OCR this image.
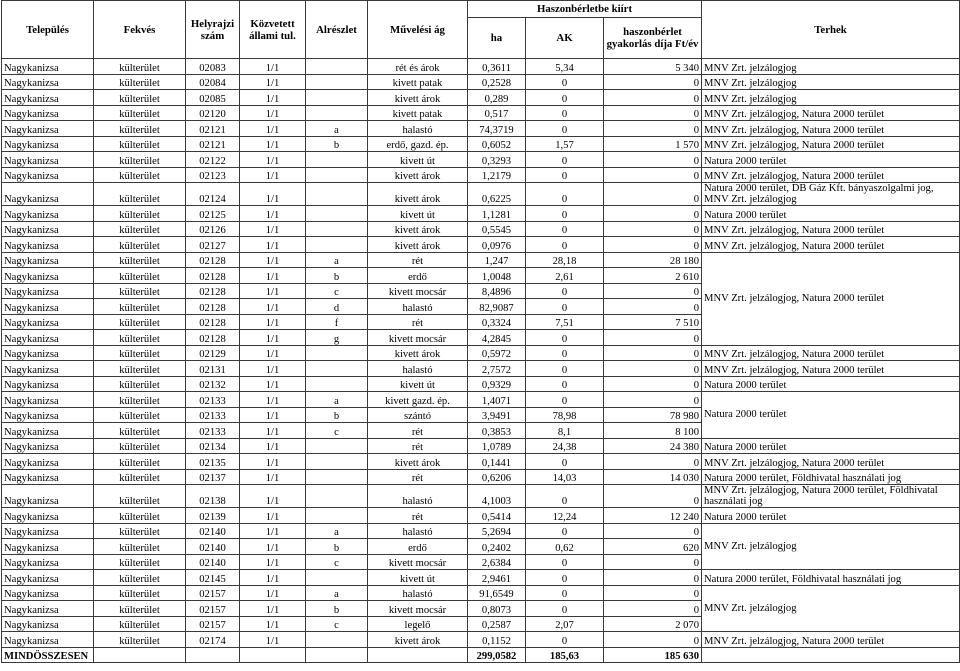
Település	Fekvés	Helyrajzi szám	Közvetett állami tul.	Alrészlet	Művelési ág	Haszonbérletbe kiírt			Terhek
						ha	AK	haszonbérlet gyakorlás díja Ft/év	
Nagykanizsa	külterület	02083	1/1		rét és árok	0,3611	5,34	5 340	MNV Zrt. jelzálogjog
Nagykanizsa	külterület	02084	1/1		kivett patak	0,2528	0	0	MNV Zrt. jelzálogjog
Nagykanizsa	külterület	02085	1/1		kivett árok	0,289	0	0	MNV Zrt. jelzálogjog
Nagykanizsa	külterület	02120	1/1		kivett patak	0,517	0	0	MNV Zrt. jelzálogjog, Natura 2000 terület
Nagykanizsa	külterület	02121	1/1	a	halastó	74,3719	0	0	MNV Zrt. jelzálogjog, Natura 2000 terület
Nagykanizsa	külterület	02121	1/1	b	erdő, gazd. ép.	0,6052	1,57	1 570	MNV Zrt. jelzálogjog, Natura 2000 terület
Nagykanizsa	külterület	02122	1/1		kivett út	0,3293	0	0	Natura 2000 terület
Nagykanizsa	külterület	02123	1/1		kivett árok	1,2179	0	0	MNV Zrt. jelzálogjog, Natura 2000 terület
Nagykanizsa	külterület	02124	1/1		kivett árok	0,6225	0	0	Natura 2000 terület, DB Gáz Kft. bányaszolgalmi jog, MNV Zrt. jelzálogjog
Nagykanizsa	külterület	02125	1/1		kivett út	1,1281	0	0	Natura 2000 terület
Nagykanizsa	külterület	02126	1/1		kivett árok	0,5545	0	0	MNV Zrt. jelzálogjog, Natura 2000 terület
Nagykanizsa	külterület	02127	1/1		kivett árok	0,0976	0	0	MNV Zrt. jelzálogjog, Natura 2000 terület
Nagykanizsa	külterület	02128	1/1	a	rét	1,247	28,18	28 180	MNV Zrt. jelzálogjog, Natura 2000 terület
Nagykanizsa	külterület	02128	1/1	b	erdő	1,0048	2,61	2 610	
Nagykanizsa	külterület	02128	1/1	c	kivett mocsár	8,4896	0	0	
Nagykanizsa	külterület	02128	1/1	d	halastó	82,9087	0	0	
Nagykanizsa	külterület	02128	1/1	f	rét	0,3324	7,51	7 510	
Nagykanizsa	külterület	02128	1/1	g	kivett mocsár	4,2845	0	0	
Nagykanizsa	külterület	02129	1/1		kivett árok	0,5972	0	0	MNV Zrt. jelzálogjog, Natura 2000 terület
Nagykanizsa	külterület	02131	1/1		halastó	2,7572	0	0	MNV Zrt. jelzálogjog, Natura 2000 terület
Nagykanizsa	külterület	02132	1/1		kivett út	0,9329	0	0	Natura 2000 terület
Nagykanizsa	külterület	02133	1/1	a	kivett gazd. ép.	1,4071	0	0	Natura 2000 terület
Nagykanizsa	külterület	02133	1/1	b	szántó	3,9491	78,98	78 980	
Nagykanizsa	külterület	02133	1/1	c	rét	0,3853	8,1	8 100	
Nagykanizsa	külterület	02134	1/1		rét	1,0789	24,38	24 380	Natura 2000 terület
Nagykanizsa	külterület	02135	1/1		kivett árok	0,1441	0	0	MNV Zrt. jelzálogjog, Natura 2000 terület
Nagykanizsa	külterület	02137	1/1		rét	0,6206	14,03	14 030	Natura 2000 terület, Földhivatal használati jog
Nagykanizsa	külterület	02138	1/1		halastó	4,1003	0	0	MNV Zrt. jelzálogjog, Natura 2000 terület, Földhivatal használati jog
Nagykanizsa	külterület	02139	1/1		rét	0,5414	12,24	12 240	Natura 2000 terület
Nagykanizsa	külterület	02140	1/1	a	halastó	5,2694	0	0	MNV Zrt. jelzálogjog
Nagykanizsa	külterület	02140	1/1	b	erdő	0,2402	0,62	620	
Nagykanizsa	külterület	02140	1/1	c	kivett mocsár	2,6384	0	0	
Nagykanizsa	külterület	02145	1/1		kivett út	2,9461	0	0	Natura 2000 terület, Földhivatal használati jog
Nagykanizsa	külterület	02157	1/1	a	halastó	91,6549	0	0	MNV Zrt. jelzálogjog
Nagykanizsa	külterület	02157	1/1	b	kivett mocsár	0,8073	0	0	
Nagykanizsa	külterület	02157	1/1	c	legelő	0,2587	2,07	2 070	
Nagykanizsa	külterület	02174	1/1		kivett árok	0,1152	0	0	MNV Zrt. jelzálogjog, Natura 2000 terület
MINDÖSSZESEN						299,0582	185,63	185 630	
